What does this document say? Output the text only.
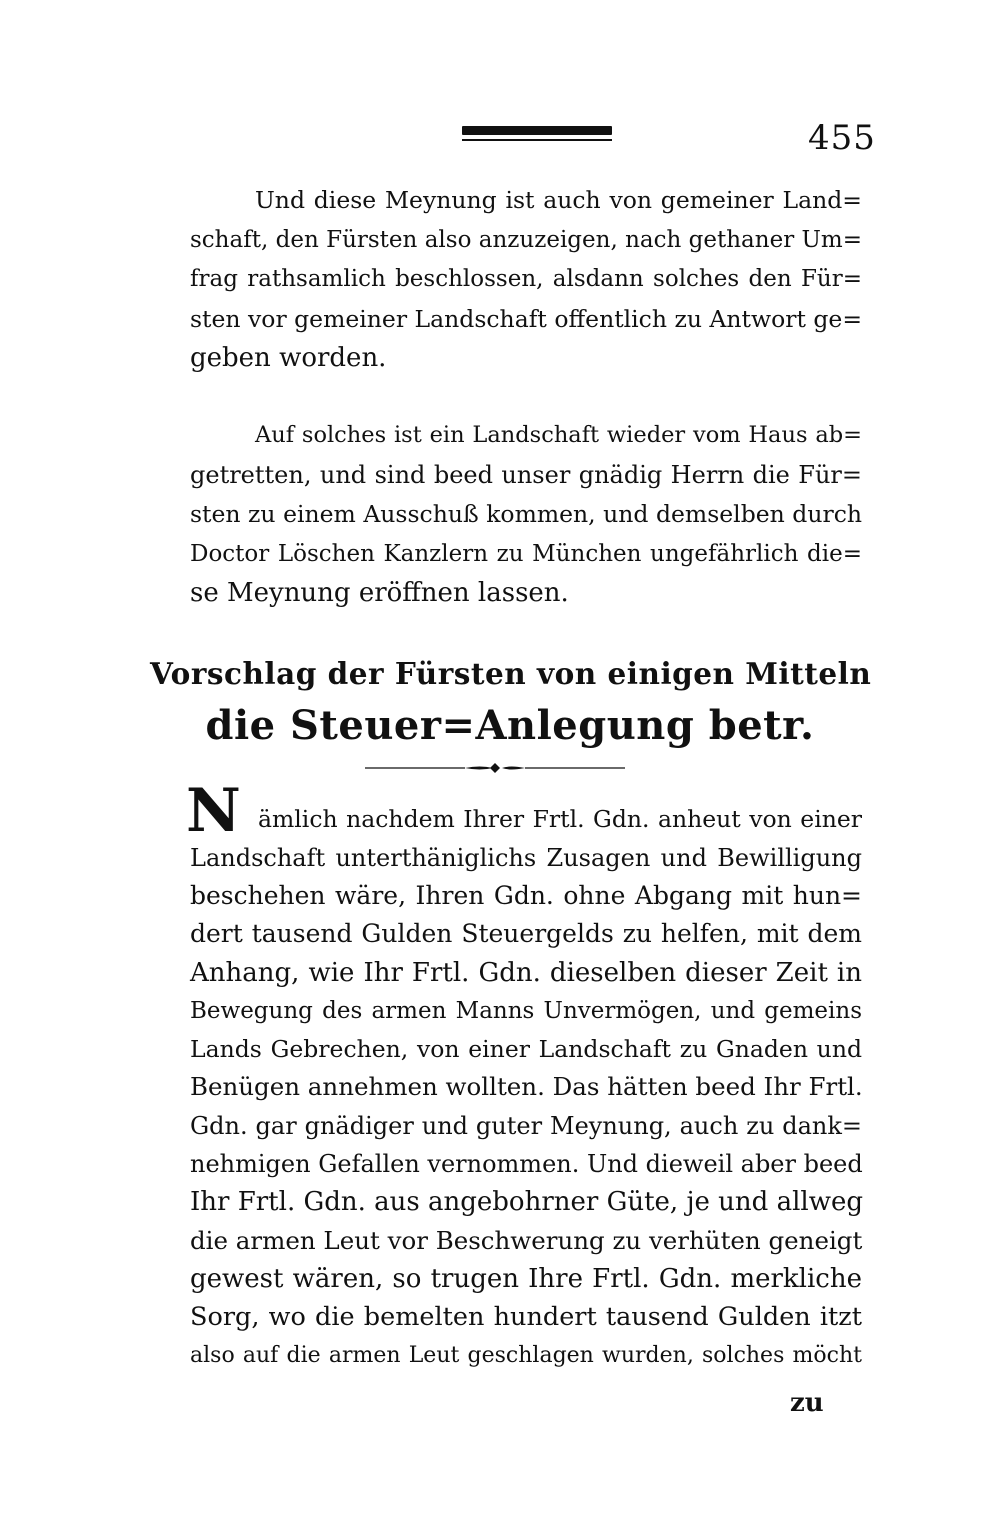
455
Und diese Meynung ist auch von gemeiner Land=
schaft, den Fürsten also anzuzeigen, nach gethaner Um=
frag rathsamlich beschlossen, alsdann solches den Für=
sten vor gemeiner Landschaft offentlich zu Antwort ge=
geben worden.
Auf solches ist ein Landschaft wieder vom Haus ab=
getretten, und sind beed unser gnädig Herrn die Für=
sten zu einem Ausschuß kommen, und demselben durch
Doctor Löschen Kanzlern zu München ungefährlich die=
se Meynung eröffnen lassen.
Vorschlag der Fürsten von einigen Mitteln
die Steuer=Anlegung betr.
N ämlich nachdem Ihrer Frtl. Gdn. anheut von einer
Landschaft unterthäniglichs Zusagen und Bewilligung
beschehen wäre, Ihren Gdn. ohne Abgang mit hun=
dert tausend Gulden Steuergelds zu helfen, mit dem
Anhang, wie Ihr Frtl. Gdn. dieselben dieser Zeit in
Bewegung des armen Manns Unvermögen, und gemeins
Lands Gebrechen, von einer Landschaft zu Gnaden und
Benügen annehmen wollten. Das hätten beed Ihr Frtl.
Gdn. gar gnädiger und guter Meynung, auch zu dank=
nehmigen Gefallen vernommen. Und dieweil aber beed
Ihr Frtl. Gdn. aus angebohrner Güte, je und allweg
die armen Leut vor Beschwerung zu verhüten geneigt
gewest wären, so trugen Ihre Frtl. Gdn. merkliche
Sorg, wo die bemelten hundert tausend Gulden itzt
also auf die armen Leut geschlagen wurden, solches möcht
zu
